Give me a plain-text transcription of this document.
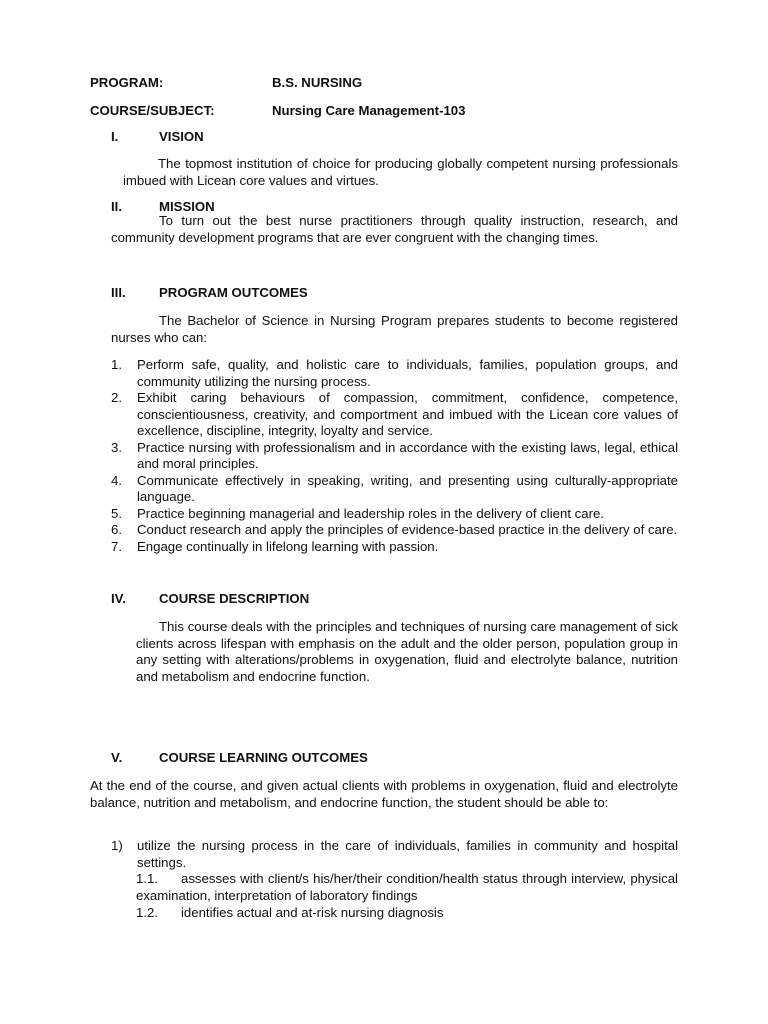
PROGRAM:	B.S. NURSING
COURSE/SUBJECT:	Nursing Care Management-103
I.	VISION
The topmost institution of choice for producing globally competent nursing professionals imbued with Licean core values and virtues.
II.	MISSION
To turn out the best nurse practitioners through quality instruction, research, and community development programs that are ever congruent with the changing times.
III.	PROGRAM OUTCOMES
The Bachelor of Science in Nursing Program prepares students to become registered nurses who can:
1. Perform safe, quality, and holistic care to individuals, families, population groups, and community utilizing the nursing process.
2. Exhibit caring behaviours of compassion, commitment, confidence, competence, conscientiousness, creativity, and comportment and imbued with the Licean core values of excellence, discipline, integrity, loyalty and service.
3. Practice nursing with professionalism and in accordance with the existing laws, legal, ethical and moral principles.
4. Communicate effectively in speaking, writing, and presenting using culturally-appropriate language.
5. Practice beginning managerial and leadership roles in the delivery of client care.
6. Conduct research and apply the principles of evidence-based practice in the delivery of care.
7. Engage continually in lifelong learning with passion.
IV.	COURSE DESCRIPTION
This course deals with the principles and techniques of nursing care management of sick clients across lifespan with emphasis on the adult and the older person, population group in any setting with alterations/problems in oxygenation, fluid and electrolyte balance, nutrition and metabolism and endocrine function.
V.	COURSE LEARNING OUTCOMES
At the end of the course, and given actual clients with problems in oxygenation, fluid and electrolyte balance, nutrition and metabolism, and endocrine function, the student should be able to:
1) utilize the nursing process in the care of individuals, families in community and hospital settings.
1.1. assesses with client/s his/her/their condition/health status through interview, physical examination, interpretation of laboratory findings
1.2. identifies actual and at-risk nursing diagnosis
